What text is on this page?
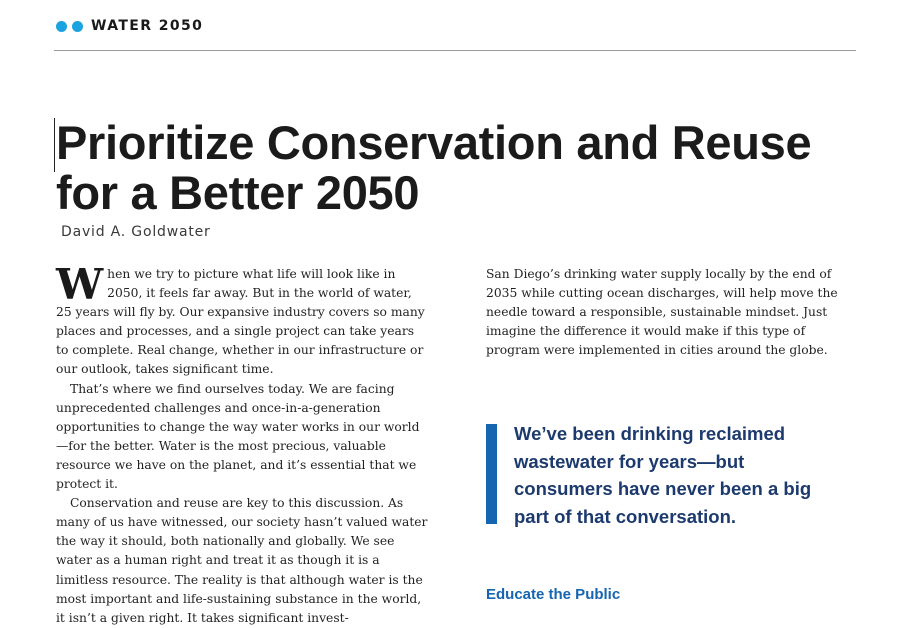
WATER 2050
Prioritize Conservation and Reuse for a Better 2050
David A. Goldwater

When we try to picture what life will look like in 2050, it feels far away. But in the world of water, 25 years will fly by. Our expansive industry covers so many places and processes, and a single project can take years to complete. Real change, whether in our infrastructure or our outlook, takes significant time.

That’s where we find ourselves today. We are facing unprecedented challenges and once-in-a-generation opportunities to change the way water works in our world—for the better. Water is the most precious, valuable resource we have on the planet, and it’s essential that we protect it.

Conservation and reuse are key to this discussion. As many of us have witnessed, our society hasn’t valued water the way it should, both nationally and globally. We see water as a human right and treat it as though it is a limitless resource. The reality is that although water is the most important and life-sustaining substance in the world, it isn’t a given right. It takes significant invest-

San Diego’s drinking water supply locally by the end of 2035 while cutting ocean discharges, will help move the needle toward a responsible, sustainable mindset. Just imagine the difference it would make if this type of program were implemented in cities around the globe.

We’ve been drinking reclaimed wastewater for years—but consumers have never been a big part of that conversation.
Educate the Public
